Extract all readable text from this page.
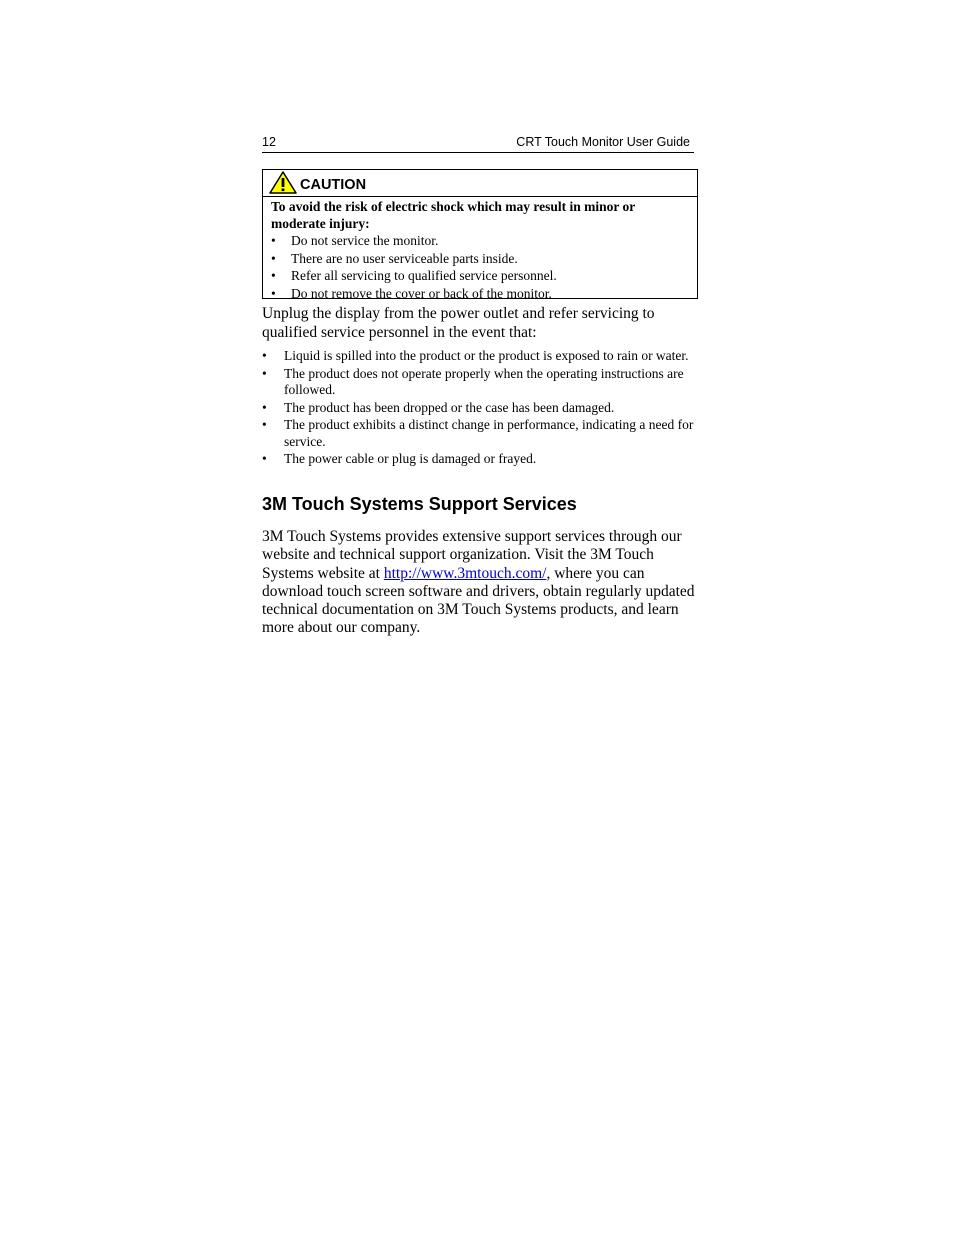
12	CRT Touch Monitor User Guide
CAUTION
To avoid the risk of electric shock which may result in minor or
moderate injury:
• Do not service the monitor.
• There are no user serviceable parts inside.
• Refer all servicing to qualified service personnel.
• Do not remove the cover or back of the monitor.
Unplug the display from the power outlet and refer servicing to
qualified service personnel in the event that:
• Liquid is spilled into the product or the product is exposed to rain or water.
• The product does not operate properly when the operating instructions are followed.
• The product has been dropped or the case has been damaged.
• The product exhibits a distinct change in performance, indicating a need for service.
• The power cable or plug is damaged or frayed.
3M Touch Systems Support Services
3M Touch Systems provides extensive support services through our website and technical support organization. Visit the 3M Touch Systems website at http://www.3mtouch.com/, where you can download touch screen software and drivers, obtain regularly updated technical documentation on 3M Touch Systems products, and learn more about our company.
